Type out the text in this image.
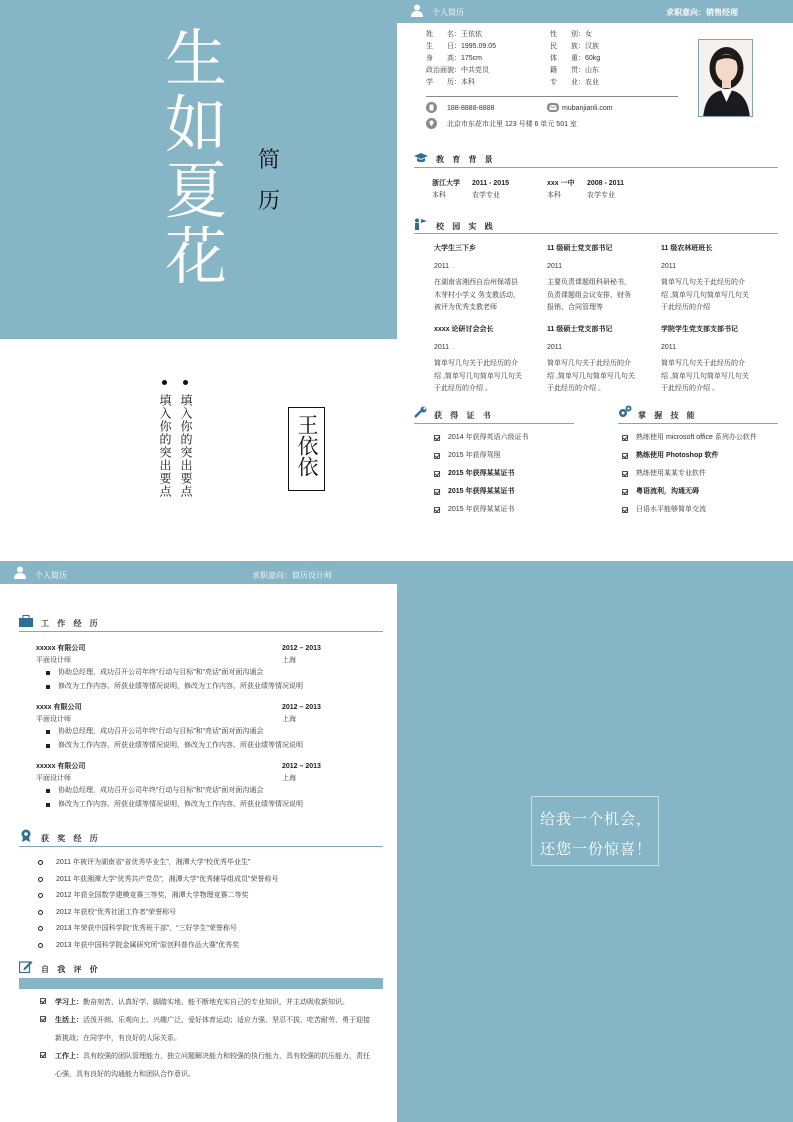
生
如
夏
花
简
历
填入你的突出要点 填入你的突出要点	王依依
个人简历	求职意向：销售经理
姓　　名：王依依
生　　日：1995.09.05
身　　高：175cm
政治面貌：中共党员
学　　历：本科
性　　别：女
民　　族：汉族
体　　重：60kg
籍　　贯：山东
专　　业：农业
188-8888-8888	mubanjianli.com
北京市东花市北里 123 号楼 6 单元 501 室
教 育 背 景
浙江大学 2011 - 2015
本科	农学专业
xxx 一中 2008 - 2011
本科	农学专业
校 园 实 践
大学生三下乡
2011
在湖南省湘西自治州保靖县木芽村小学义 务支教活动，被评为优秀支教老师
11 级硕士党支部书记
2011
主要负责课题组科研秘书，负责课题组会议安排、财务报销、合同管理等
11 级农林班班长
2011
简单写几句关于此经历的介绍 ,简单写几句简单写几句关于此经历的介绍
xxxx 论研讨会会长
2011
简单写几句关于此经历的介绍 ,简单写几句简单写几句关于此经历的介绍 。
11 级硕士党支部书记
2011
简单写几句关于此经历的介绍 ,简单写几句简单写几句关于此经历的介绍 。
学院学生党支部支部书记
2011
简单写几句关于此经历的介绍 ,简单写几句简单写几句关于此经历的介绍 。
获 得 证 书
2014 年获得英语六级证书
2015 年获得驾照
2015 年获得某某证书
2015 年获得某某证书
2015 年获得某某证书
掌 握 技 能
熟练使用 microsoft office 系列办公软件
熟练使用 Photoshop 软件
熟练使用某某专业软件
粤语流利，沟通无碍
日语水平能够简单交流
个人简历	求职意向：简历设计师
工 作 经 历
xxxxx 有限公司	2012 – 2013
平面设计师	上海
协助总经理，成功召开公司年终“行动与目标”和“亮话”面对面沟通会
修改为工作内容、所获业绩等情况说明，修改为工作内容、所获业绩等情况说明
xxxx 有限公司	2012 – 2013
平面设计师	上海
协助总经理，成功召开公司年终“行动与目标”和“亮话”面对面沟通会
修改为工作内容、所获业绩等情况说明，修改为工作内容、所获业绩等情况说明
xxxxx 有限公司	2012 – 2013
平面设计师	上海
协助总经理，成功召开公司年终“行动与目标”和“亮话”面对面沟通会
修改为工作内容、所获业绩等情况说明，修改为工作内容、所获业绩等情况说明
获 奖 经 历
2011 年被评为湖南省“省优秀毕业生”，湘潭大学“校优秀毕业生”
2011 年获湘潭大学“优秀共产党员”，湘潭大学“优秀辅导组成员”荣誉称号
2012 年获全国数学建模竞赛三等奖，湘潭大学物理竞赛二等奖
2012 年获校“优秀社团工作者”荣誉称号
2013 年荣获中国科学院“优秀班干部”，“三好学生”荣誉称号
2013 年获中国科学院金属研究所“原创科普作品大赛”优秀奖
自 我 评 价
学习上：勤奋刻苦、认真好学、脚踏实地、能不断地充实自己的专业知识，并主动吸收新知识。
生活上：活泼开朗、乐观向上、兴趣广泛、爱好体育运动；适应力强、坚忍不拔、吃苦耐劳、勇于迎接新挑战；在同学中，有良好的人际关系。
工作上：具有较强的团队管理能力，独立问题解决能力和较强的执行能力，具有较强的抗压能力，责任心强，具有良好的沟通能力和团队合作意识。
给我一个机会，
还您一份惊喜！
